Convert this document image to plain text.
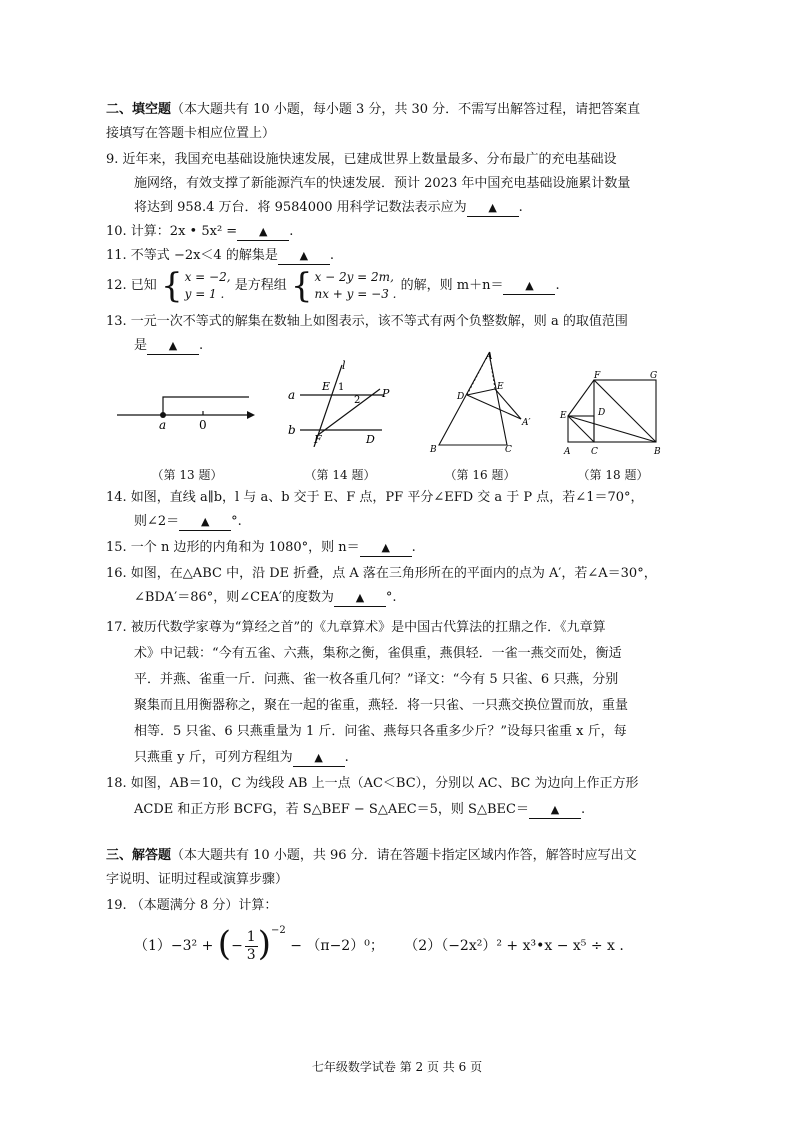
二、填空题（本大题共有 10 小题，每小题 3 分，共 30 分．不需写出解答过程，请把答案直
接填写在答题卡相应位置上）
9. 近年来，我国充电基础设施快速发展，已建成世界上数量最多、分布最广的充电基础设
施网络，有效支撑了新能源汽车的快速发展．预计 2023 年中国充电基础设施累计数量
将达到 958.4 万台．将 9584000 用科学记数法表示应为 ▲ .
10. 计算：2x • 5x² = ▲ .
11. 不等式 −2x＜4 的解集是 ▲ .
12. 已知 { x = −2,
y = 1 .
是方程组 { x − 2y = 2m,
nx + y = −3 .
的解，则 m＋n＝ ▲ .
13. 一元一次不等式的解集在数轴上如图表示，该不等式有两个负整数解，则 a 的取值范围
是 ▲ .
a	0
（第 13 题）
l
a
b
E 1
2
P
F	D
（第 14 题）
A
D
E
A′
B	C
（第 16 题）
F	G
E	D
A C	B
（第 18 题）
14. 如图，直线 a∥b，l 与 a、b 交于 E、F 点，PF 平分∠EFD 交 a 于 P 点，若∠1＝70°，
则∠2＝ ▲ °.
15. 一个 n 边形的内角和为 1080°，则 n＝ ▲ .
16. 如图，在△ABC 中，沿 DE 折叠，点 A 落在三角形所在的平面内的点为 A′，若∠A＝30°，
∠BDA′＝86°，则∠CEA′的度数为 ▲ °.
17. 被历代数学家尊为“算经之首”的《九章算术》是中国古代算法的扛鼎之作．《九章算
术》中记载：“今有五雀、六燕，集称之衡，雀俱重，燕俱轻．一雀一燕交而处，衡适
平．并燕、雀重一斤．问燕、雀一枚各重几何？”译文：“今有 5 只雀、6 只燕，分别
聚集而且用衡器称之，聚在一起的雀重，燕轻．将一只雀、一只燕交换位置而放，重量
相等．5 只雀、6 只燕重量为 1 斤．问雀、燕每只各重多少斤？”设每只雀重 x 斤，每
只燕重 y 斤，可列方程组为 ▲ .
18. 如图，AB＝10，C 为线段 AB 上一点（AC＜BC），分别以 AC、BC 为边向上作正方形
ACDE 和正方形 BCFG，若 S△BEF − S△AEC＝5，则 S△BEC＝ ▲ .
三、解答题（本大题共有 10 小题，共 96 分．请在答题卡指定区域内作答，解答时应写出文
字说明、证明过程或演算步骤）
19. （本题满分 8 分）计算：
（1）−3² + ( − $\frac{1}{3}$ ) −2
− （π−2）⁰； （2）（−2x²）² + x³•x − x⁵ ÷ x .
七年级数学试卷 第 2 页 共 6 页
